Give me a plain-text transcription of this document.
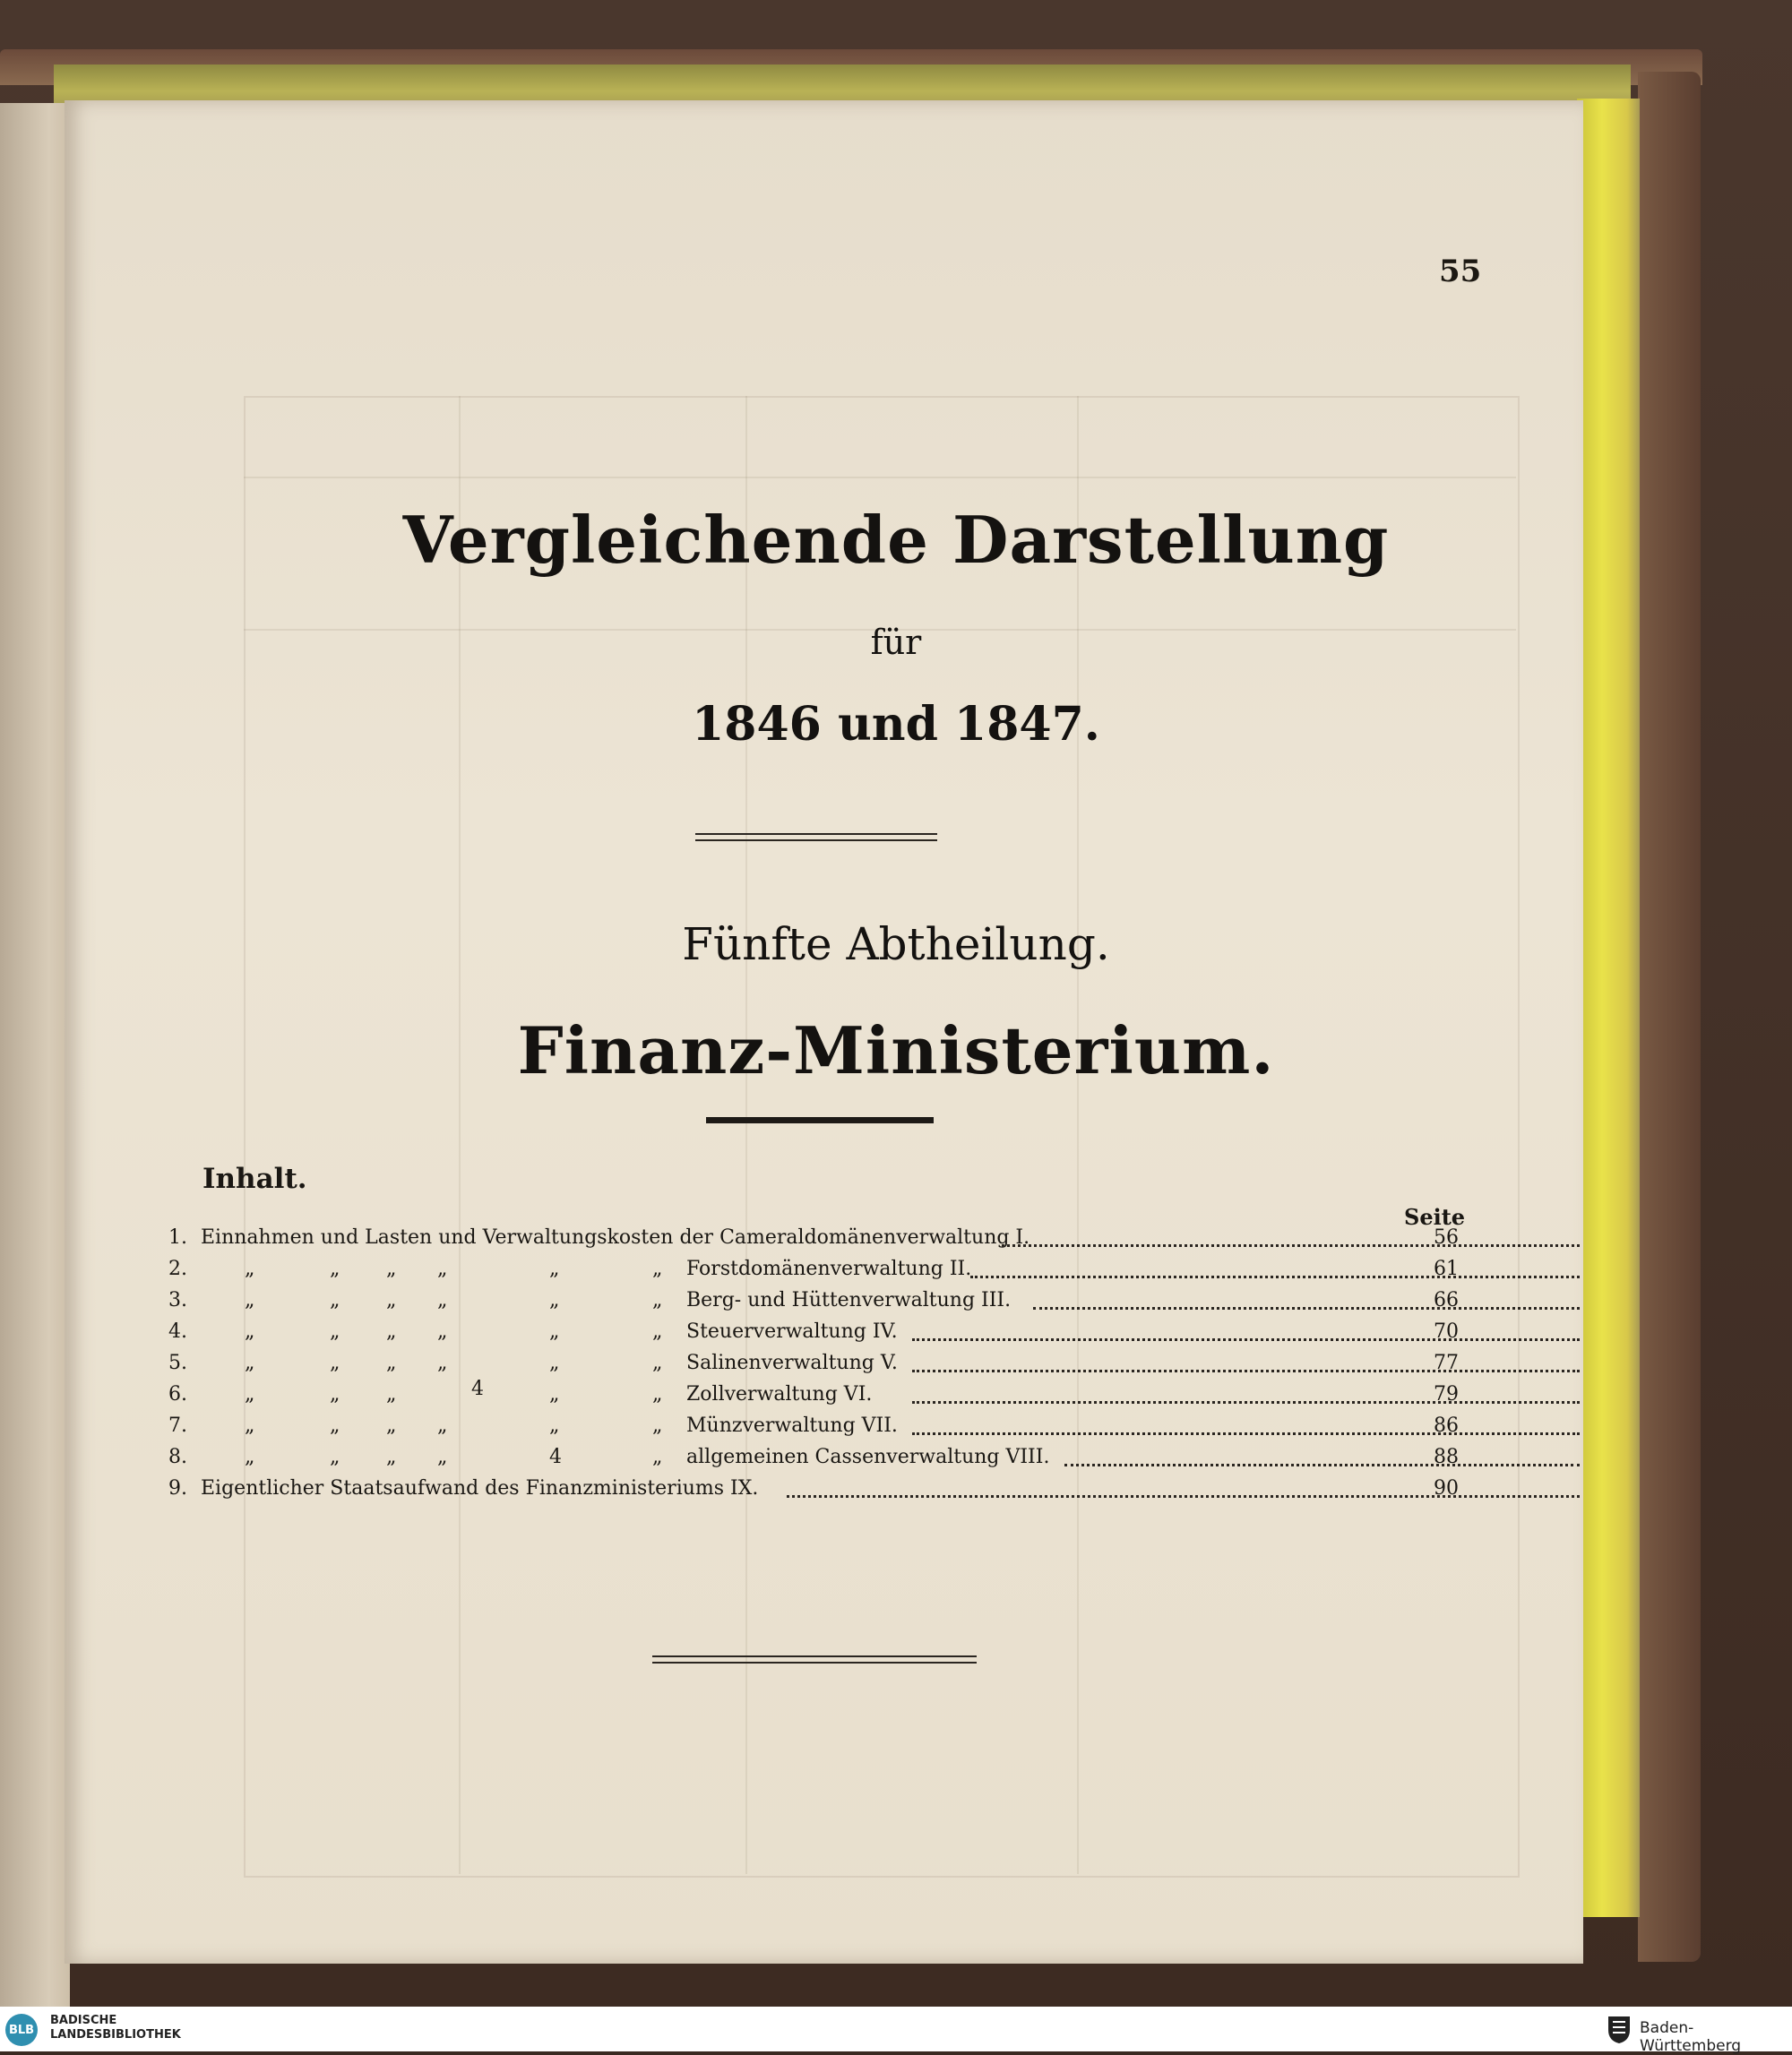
55
Vergleichende Darstellung
für
1846 und 1847.
Fünfte Abtheilung.
Finanz-Ministerium.
Inhalt.
Seite
1. Einnahmen und Lasten und Verwaltungskosten der Cameraldomänenverwaltung I.	56
2.	„	„ „ „	„	„ Forstdomänenverwaltung II.	61
3.	„	„ „ „	„	„ Berg- und Hüttenverwaltung III.	66
4.	„	„ „ „	„	„ Steuerverwaltung IV.	70
5.	„	„ „ „	„	„ Salinenverwaltung V.	77
6.	„	„ „	4	„	„ Zollverwaltung VI.	79
7.	„	„ „ „	„	„ Münzverwaltung VII.	86
8.	„	„ „ „	4	„ allgemeinen Cassenverwaltung VIII.	88
9. Eigentlicher Staatsaufwand des Finanzministeriums IX.	90
BLB
BADISCHE
LANDESBIBLIOTHEK	Baden-Württemberg
